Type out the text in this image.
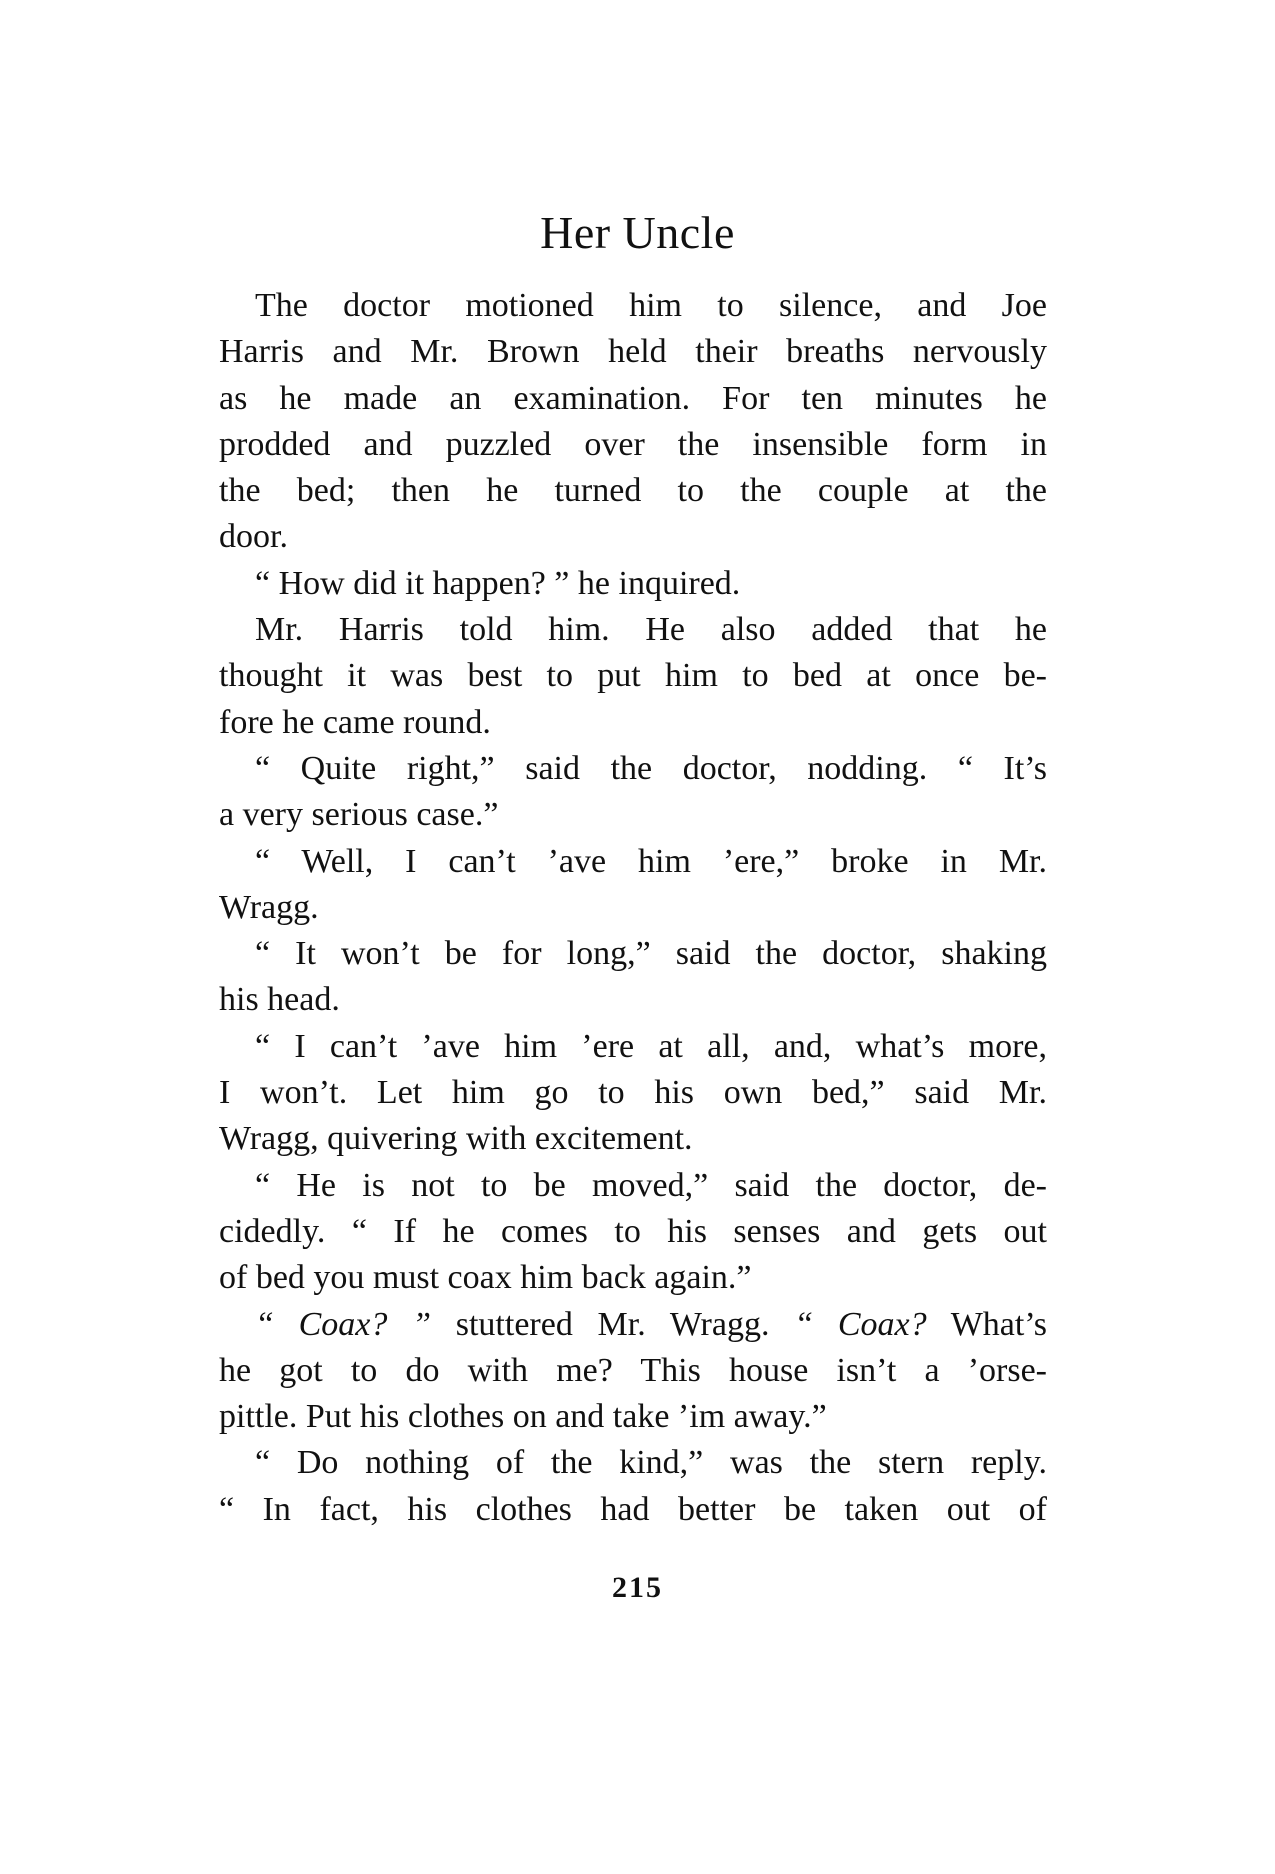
Her Uncle
The doctor motioned him to silence, and Joe
Harris and Mr. Brown held their breaths nervously
as he made an examination. For ten minutes he
prodded and puzzled over the insensible form in
the bed; then he turned to the couple at the
door.
“ How did it happen? ” he inquired.
Mr. Harris told him. He also added that he
thought it was best to put him to bed at once be-
fore he came round.
“ Quite right,” said the doctor, nodding. “ It’s
a very serious case.”
“ Well, I can’t ’ave him ’ere,” broke in Mr.
Wragg.
“ It won’t be for long,” said the doctor, shaking
his head.
“ I can’t ’ave him ’ere at all, and, what’s more,
I won’t. Let him go to his own bed,” said Mr.
Wragg, quivering with excitement.
“ He is not to be moved,” said the doctor, de-
cidedly. “ If he comes to his senses and gets out
of bed you must coax him back again.”
“ Coax? ” stuttered Mr. Wragg. “ Coax? What’s
he got to do with me? This house isn’t a ’orse-
pittle. Put his clothes on and take ’im away.”
“ Do nothing of the kind,” was the stern reply.
“ In fact, his clothes had better be taken out of
215
